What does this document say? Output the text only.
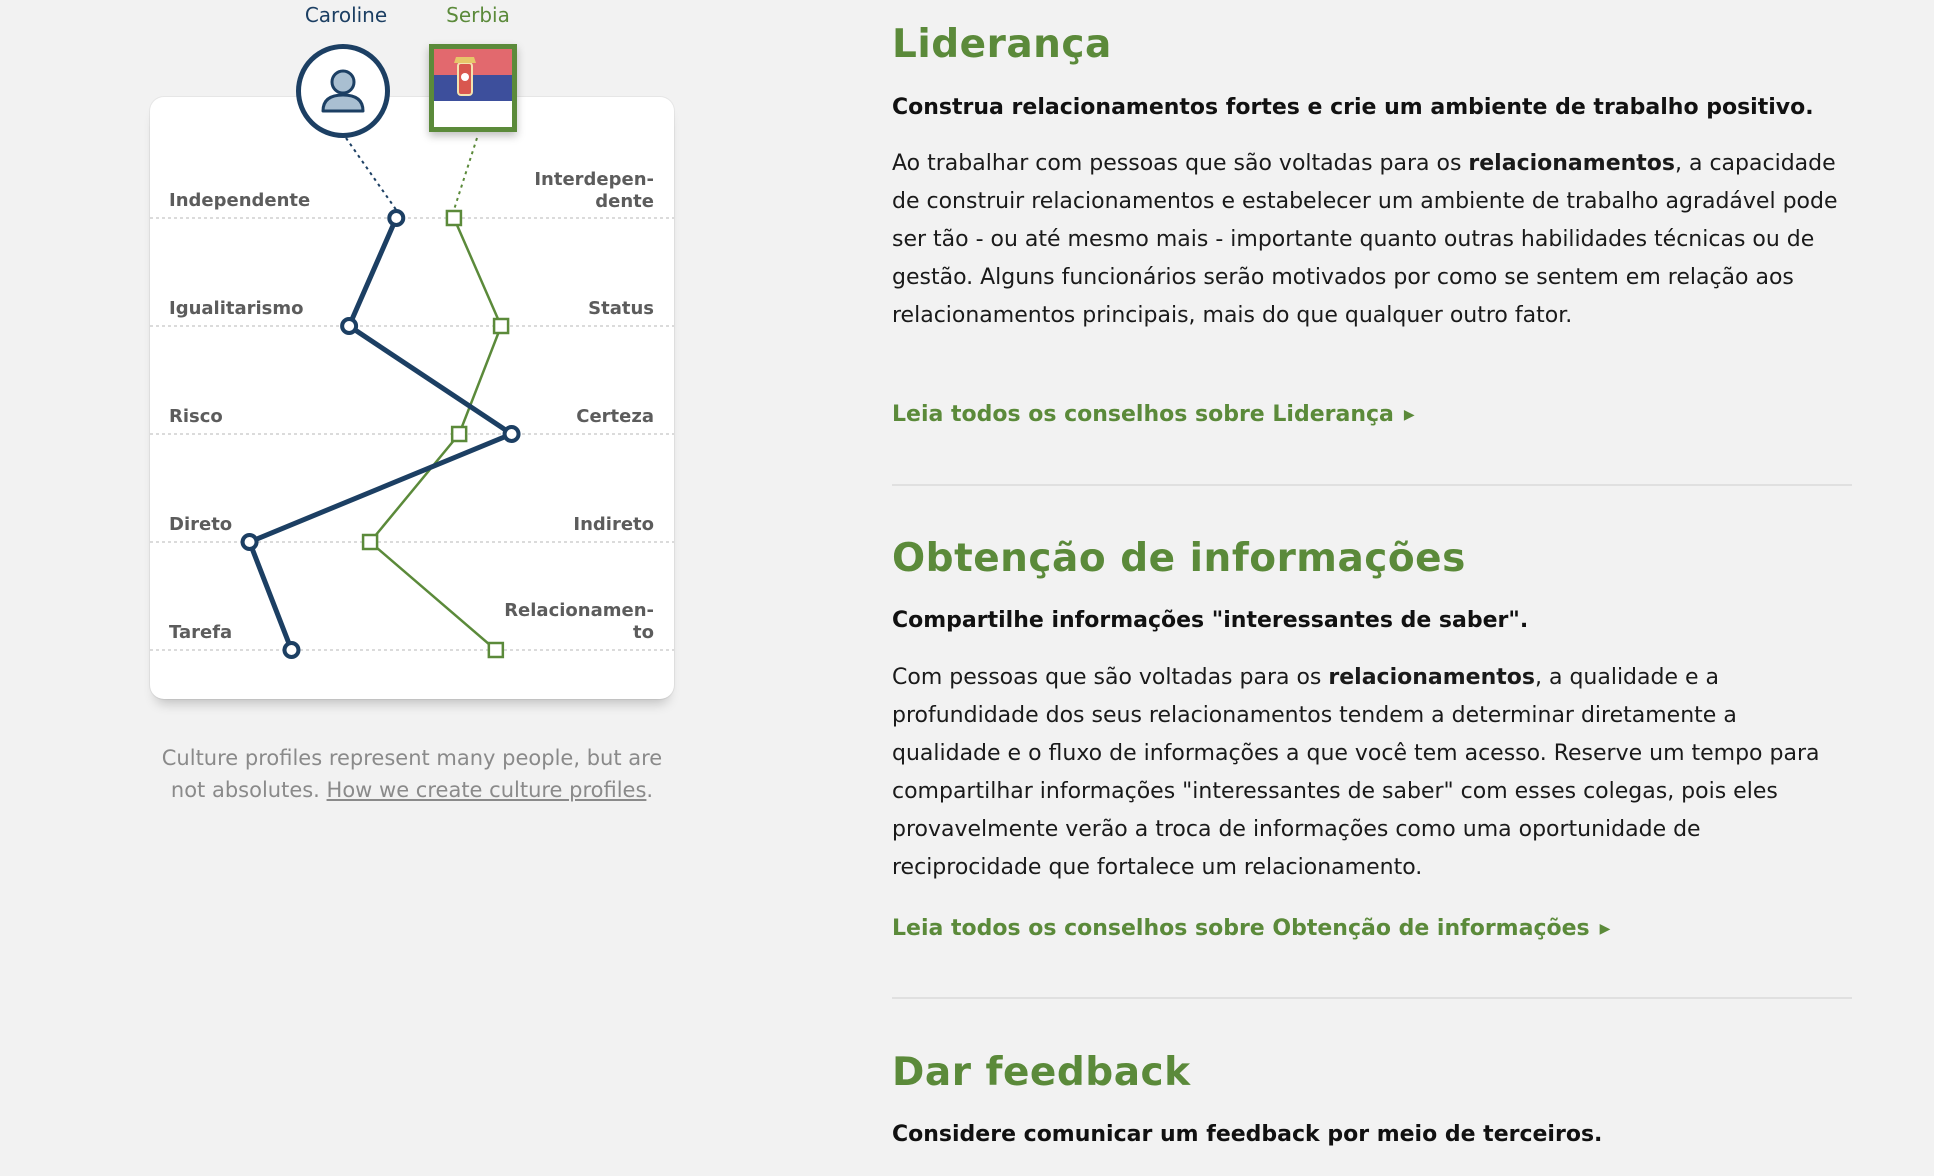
Caroline	Serbia
Independente
Interdepen-
dente
Igualitarismo	Status
Risco	Certeza
Direto	Indireto
Tarefa
Relacionamen-
to
Culture profiles represent many people, but are not absolutes. How we create culture profiles.
Liderança

Construa relacionamentos fortes e crie um ambiente de trabalho positivo.

Ao trabalhar com pessoas que são voltadas para os relacionamentos, a capacidade de construir relacionamentos e estabelecer um ambiente de trabalho agradável pode ser tão - ou até mesmo mais - importante quanto outras habilidades técnicas ou de gestão. Alguns funcionários serão motivados por como se sentem em relação aos relacionamentos principais, mais do que qualquer outro fator.

Leia todos os conselhos sobre Liderança ▶
Obtenção de informações

Compartilhe informações "interessantes de saber".

Com pessoas que são voltadas para os relacionamentos, a qualidade e a profundidade dos seus relacionamentos tendem a determinar diretamente a qualidade e o fluxo de informações a que você tem acesso. Reserve um tempo para compartilhar informações "interessantes de saber" com esses colegas, pois eles provavelmente verão a troca de informações como uma oportunidade de reciprocidade que fortalece um relacionamento.

Leia todos os conselhos sobre Obtenção de informações ▶
Dar feedback

Considere comunicar um feedback por meio de terceiros.
